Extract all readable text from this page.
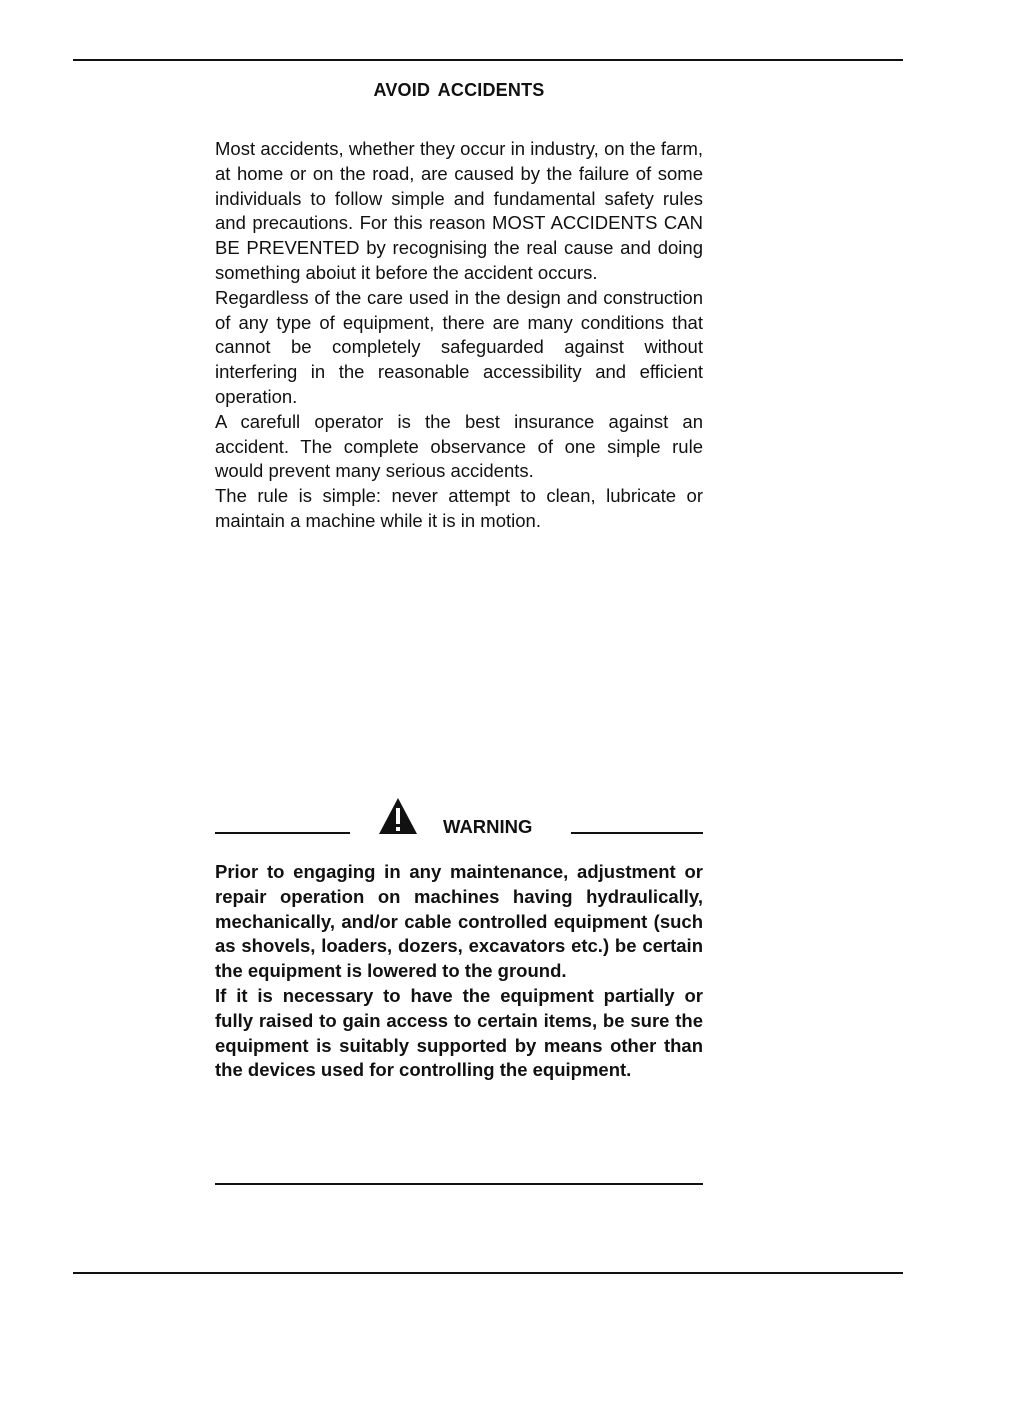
AVOID ACCIDENTS

Most accidents, whether they occur in industry, on the farm, at home or on the road, are caused by the failure of some individuals to follow simple and fundamental safety rules and precautions. For this reason MOST ACCIDENTS CAN BE PREVENTED by recognising the real cause and doing something aboiut it before the accident occurs.

Regardless of the care used in the design and construction of any type of equipment, there are many conditions that cannot be completely safeguarded against without interfering in the reasonable accessibility and efficient operation.

A carefull operator is the best insurance against an accident. The complete observance of one simple rule would prevent many serious accidents.

The rule is simple: never attempt to clean, lubricate or maintain a machine while it is in motion.

WARNING

Prior to engaging in any maintenance, adjustment or repair operation on machines having hydraulically, mechanically, and/or cable controlled equipment (such as shovels, loaders, dozers, excavators etc.) be certain the equipment is lowered to the ground.

If it is necessary to have the equipment partially or fully raised to gain access to certain items, be sure the equipment is suitably supported by means other than the devices used for controlling the equipment.
